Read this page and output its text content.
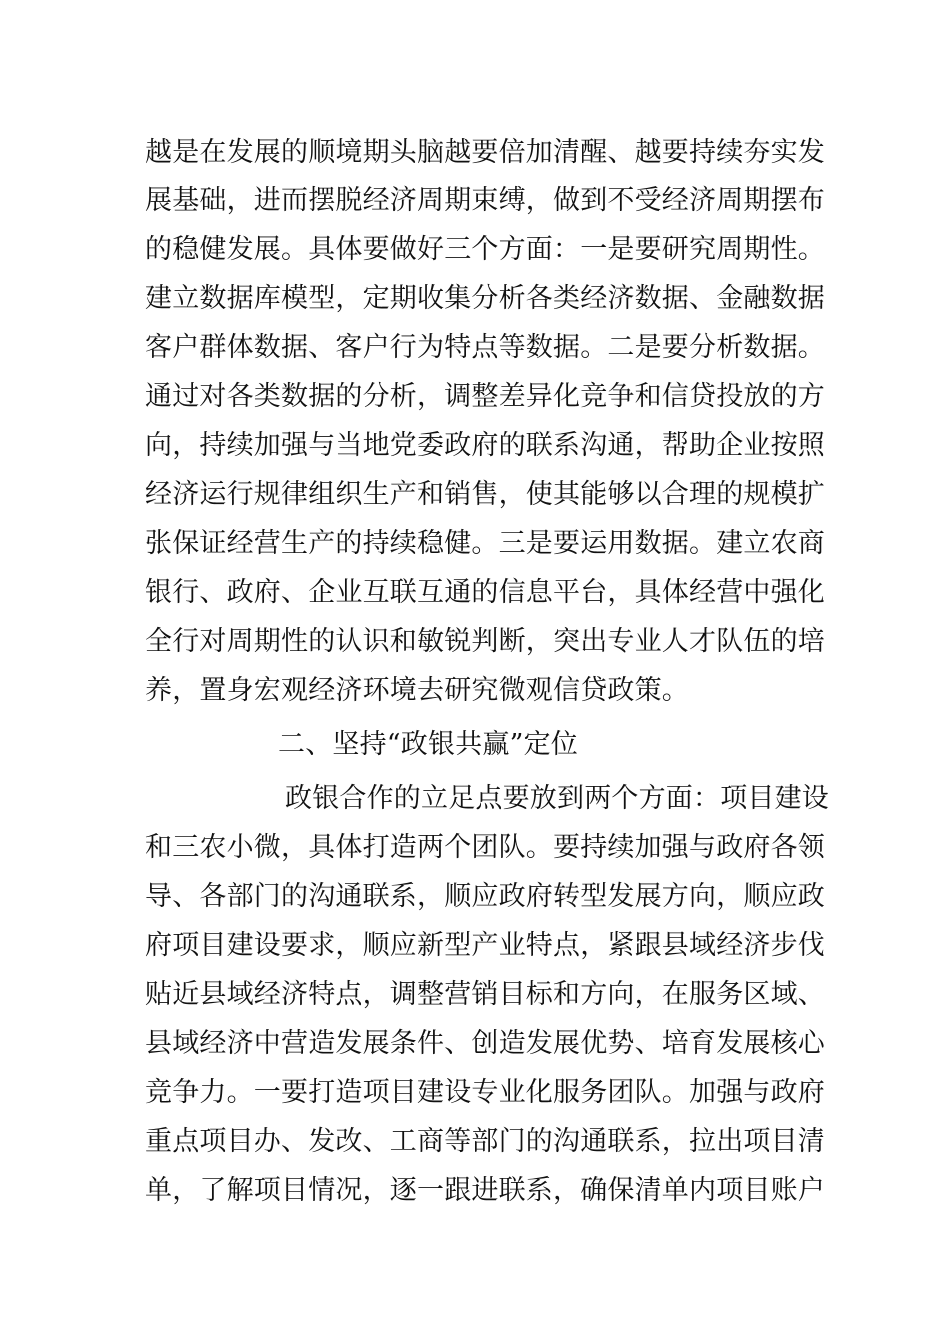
越是在发展的顺境期头脑越要倍加清醒、越要持续夯实发
展基础，进而摆脱经济周期束缚，做到不受经济周期摆布
的稳健发展。具体要做好三个方面：一是要研究周期性。
建立数据库模型，定期收集分析各类经济数据、金融数据
客户群体数据、客户行为特点等数据。二是要分析数据。
通过对各类数据的分析，调整差异化竞争和信贷投放的方
向，持续加强与当地党委政府的联系沟通，帮助企业按照
经济运行规律组织生产和销售，使其能够以合理的规模扩
张保证经营生产的持续稳健。三是要运用数据。建立农商
银行、政府、企业互联互通的信息平台，具体经营中强化
全行对周期性的认识和敏锐判断，突出专业人才队伍的培
养，置身宏观经济环境去研究微观信贷政策。
二、坚持“政银共赢”定位
政银合作的立足点要放到两个方面：项目建设
和三农小微，具体打造两个团队。要持续加强与政府各领
导、各部门的沟通联系，顺应政府转型发展方向，顺应政
府项目建设要求，顺应新型产业特点，紧跟县域经济步伐
贴近县域经济特点，调整营销目标和方向，在服务区域、
县域经济中营造发展条件、创造发展优势、培育发展核心
竞争力。一要打造项目建设专业化服务团队。加强与政府
重点项目办、发改、工商等部门的沟通联系，拉出项目清
单，了解项目情况，逐一跟进联系，确保清单内项目账户
